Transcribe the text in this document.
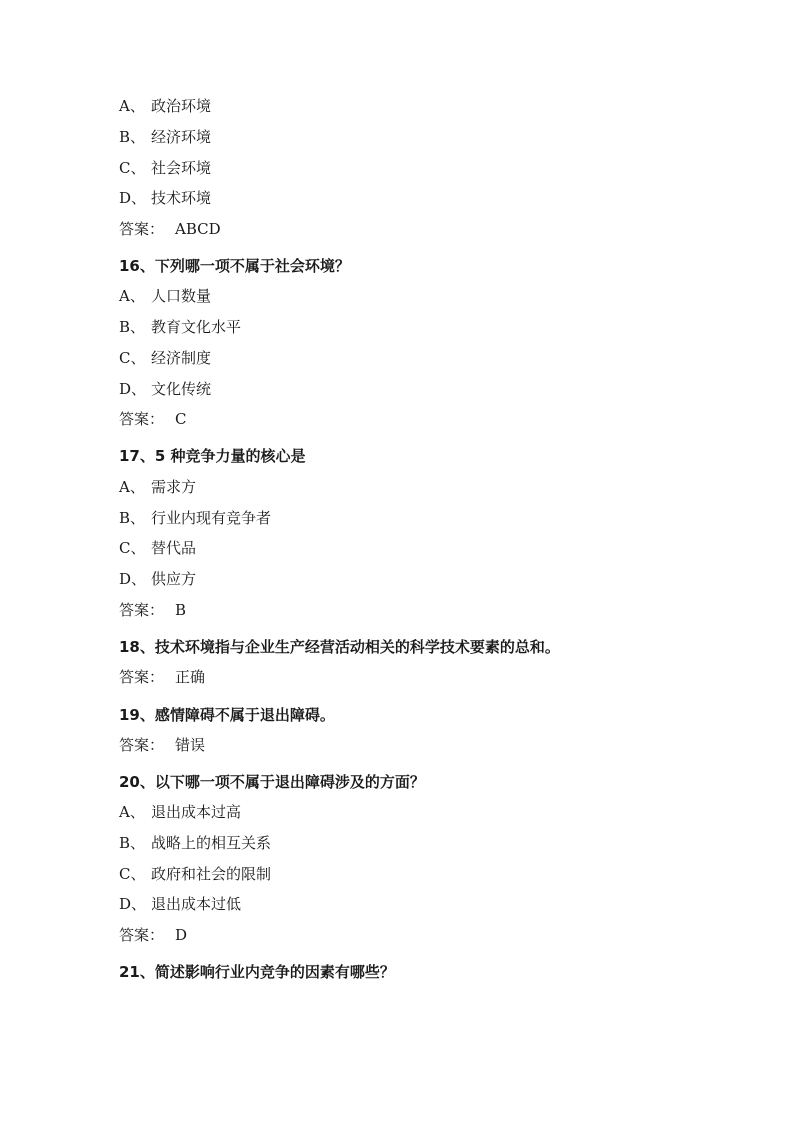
A、 政治环境
B、 经济环境
C、 社会环境
D、 技术环境
答案： ABCD
16、下列哪一项不属于社会环境？
A、 人口数量
B、 教育文化水平
C、 经济制度
D、 文化传统
答案： C
17、5 种竞争力量的核心是
A、 需求方
B、 行业内现有竞争者
C、 替代品
D、 供应方
答案： B
18、技术环境指与企业生产经营活动相关的科学技术要素的总和。
答案： 正确
19、感情障碍不属于退出障碍。
答案： 错误
20、以下哪一项不属于退出障碍涉及的方面？
A、 退出成本过高
B、 战略上的相互关系
C、 政府和社会的限制
D、 退出成本过低
答案： D
21、简述影响行业内竞争的因素有哪些？
